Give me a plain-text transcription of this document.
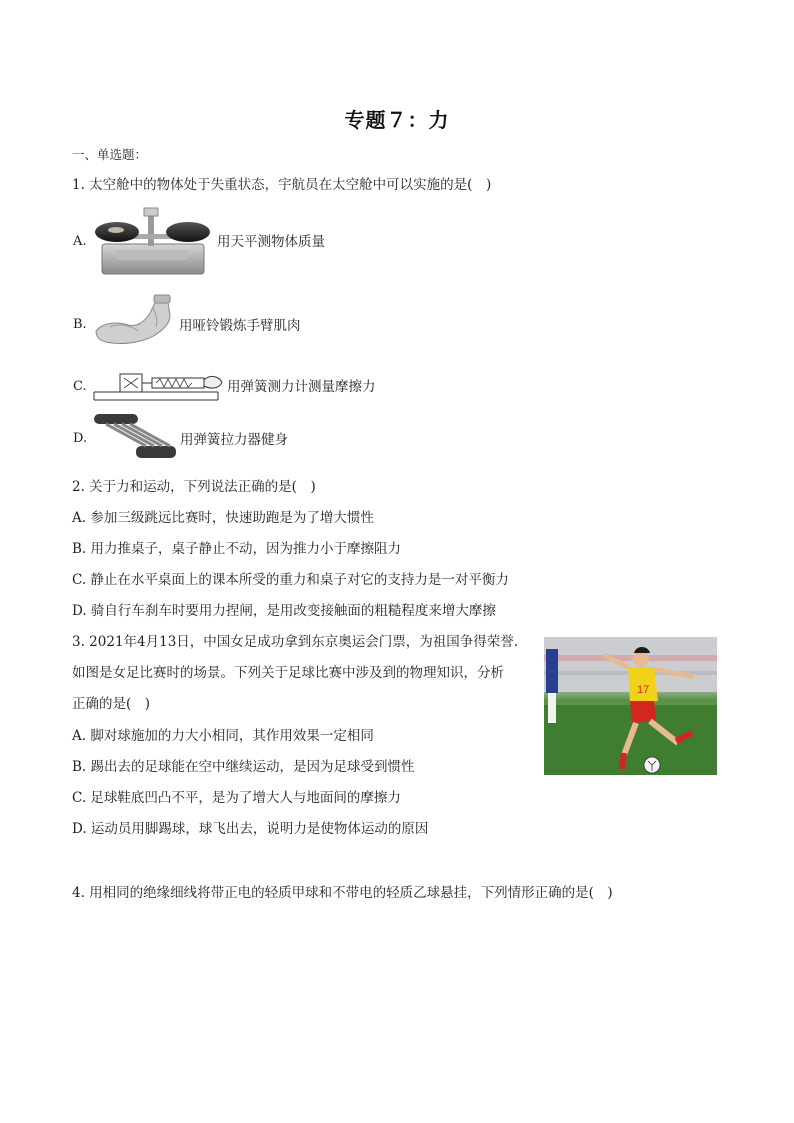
专题７：力
一、单选题：
1. 太空舱中的物体处于失重状态，宇航员在太空舱中可以实施的是(　)
A.	用天平测物体质量
B.	用哑铃锻炼手臂肌肉
C.	用弹簧测力计测量摩擦力
D.	用弹簧拉力器健身
2. 关于力和运动，下列说法正确的是(　)
A. 参加三级跳远比赛时，快速助跑是为了增大惯性
B. 用力推桌子，桌子静止不动，因为推力小于摩擦阻力
C. 静止在水平桌面上的课本所受的重力和桌子对它的支持力是一对平衡力
D. 骑自行车刹车时要用力捏闸，是用改变接触面的粗糙程度来增大摩擦
3. 2021年4月13日，中国女足成功拿到东京奥运会门票，为祖国争得荣誉.
如图是女足比赛时的场景。下列关于足球比赛中涉及到的物理知识，分析
正确的是(　)
A. 脚对球施加的力大小相同，其作用效果一定相同
B. 踢出去的足球能在空中继续运动，是因为足球受到惯性
C. 足球鞋底凹凸不平，是为了增大人与地面间的摩擦力
D. 运动员用脚踢球，球飞出去，说明力是使物体运动的原因
17
4. 用相同的绝缘细线将带正电的轻质甲球和不带电的轻质乙球悬挂，下列情形正确的是(　)
